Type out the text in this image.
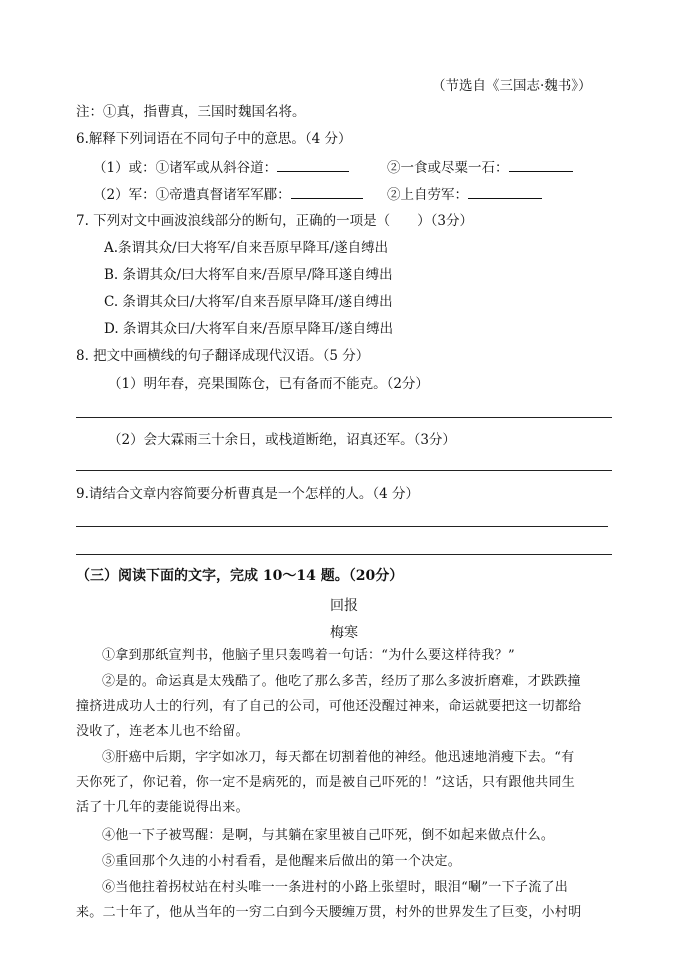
（节选自《三国志·魏书》）
注：①真，指曹真，三国时魏国名将。
6.解释下列词语在不同句子中的意思。（4 分）
（1）或：①诸军或从斜谷道：	②一食或尽粟一石：
（2）军：①帝遣真督诸军军郿：	②上自劳军：
7. 下列对文中画波浪线部分的断句，正确的一项是（　　）（3分）
A.条谓其众/曰大将军/自来吾原早降耳/遂自缚出
B. 条谓其众/曰大将军自来/吾原早/降耳遂自缚出
C. 条谓其众曰/大将军/自来吾原早降耳/遂自缚出
D. 条谓其众曰/大将军自来/吾原早降耳/遂自缚出
8. 把文中画横线的句子翻译成现代汉语。（5 分）
（1）明年春，亮果围陈仓，已有备而不能克。（2分）
（2）会大霖雨三十余日，或栈道断绝，诏真还军。（3分）
9.请结合文章内容简要分析曹真是一个怎样的人。（4 分）
（三）阅读下面的文字，完成 10～14 题。（20分）
回报
梅寒
①拿到那纸宣判书，他脑子里只轰鸣着一句话：“为什么要这样待我？”
②是的。命运真是太残酷了。他吃了那么多苦，经历了那么多波折磨难，才跌跌撞
撞挤进成功人士的行列，有了自己的公司，可他还没醒过神来，命运就要把这一切都给
没收了，连老本儿也不给留。
③肝癌中后期，字字如冰刀，每天都在切割着他的神经。他迅速地消瘦下去。“有
天你死了，你记着，你一定不是病死的，而是被自己吓死的！”这话，只有跟他共同生
活了十几年的妻能说得出来。
④他一下子被骂醒：是啊，与其躺在家里被自己吓死，倒不如起来做点什么。
⑤重回那个久违的小村看看，是他醒来后做出的第一个决定。
⑥当他拄着拐杖站在村头唯一一条进村的小路上张望时，眼泪“唰”一下子流了出
来。二十年了，他从当年的一穷二白到今天腰缠万贯，村外的世界发生了巨变，小村明
